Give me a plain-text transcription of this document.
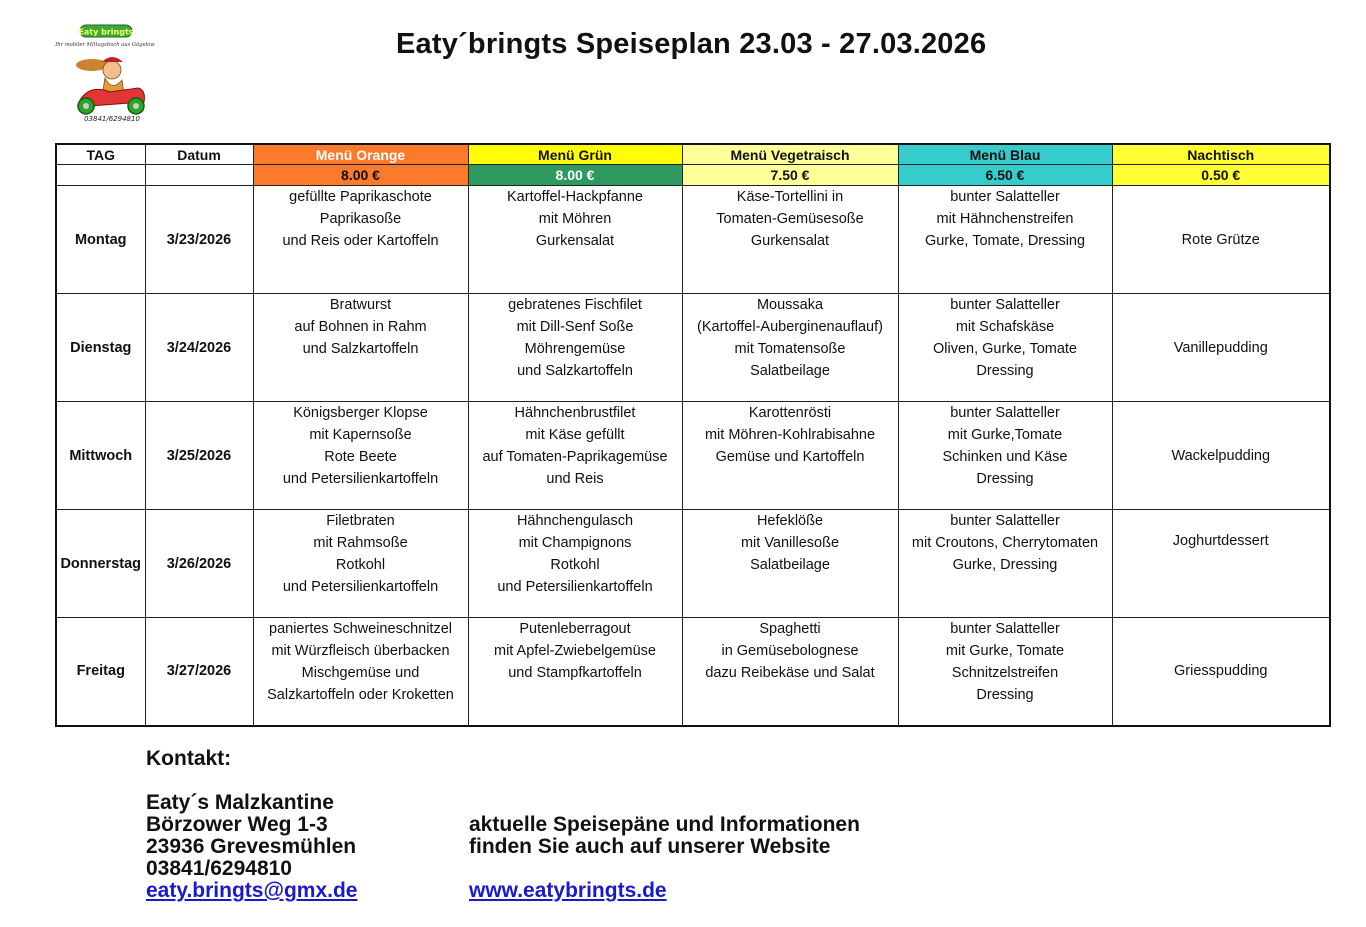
Eaty bringts
Ihr mobiler Mittagstisch aus Gägelow
03841/6294810
Eaty´bringts Speiseplan 23.03 - 27.03.2026
TAG	Datum	Menü Orange	Menü Grün	Menü Vegetraisch	Menü Blau	Nachtisch
		8.00 €	8.00 €	7.50 €	6.50 €	0.50 €
Montag	3/23/2026	gefüllte Paprikaschote
Paprikasoße
und Reis oder Kartoffeln	Kartoffel-Hackpfanne
mit Möhren
Gurkensalat	Käse-Tortellini in
Tomaten-Gemüsesoße
Gurkensalat	bunter Salatteller
mit Hähnchenstreifen
Gurke, Tomate, Dressing	Rote Grütze
Dienstag	3/24/2026	Bratwurst
auf Bohnen in Rahm
und Salzkartoffeln	gebratenes Fischfilet
mit Dill-Senf Soße
Möhrengemüse
und Salzkartoffeln	Moussaka
(Kartoffel-Auberginenauflauf)
mit Tomatensoße
Salatbeilage	bunter Salatteller
mit Schafskäse
Oliven, Gurke, Tomate
Dressing	Vanillepudding
Mittwoch	3/25/2026	Königsberger Klopse
mit Kapernsoße
Rote Beete
und Petersilienkartoffeln	Hähnchenbrustfilet
mit Käse gefüllt
auf Tomaten-Paprikagemüse
und Reis	Karottenrösti
mit Möhren-Kohlrabisahne
Gemüse und Kartoffeln	bunter Salatteller
mit Gurke,Tomate
Schinken und Käse
Dressing	Wackelpudding
Donnerstag	3/26/2026	Filetbraten
mit Rahmsoße
Rotkohl
und Petersilienkartoffeln	Hähnchengulasch
mit Champignons
Rotkohl
und Petersilienkartoffeln	Hefeklöße
mit Vanillesoße
Salatbeilage	bunter Salatteller
mit Croutons, Cherrytomaten
Gurke, Dressing	Joghurtdessert
Freitag	3/27/2026	paniertes Schweineschnitzel
mit Würzfleisch überbacken
Mischgemüse und
Salzkartoffeln oder Kroketten	Putenleberragout
mit Apfel-Zwiebelgemüse
und Stampfkartoffeln	Spaghetti
in Gemüsebolognese
dazu Reibekäse und Salat	bunter Salatteller
mit Gurke, Tomate
Schnitzelstreifen
Dressing	Griesspudding
Kontakt:
Eaty´s Malzkantine
Börzower Weg 1-3
23936 Grevesmühlen
03841/6294810
eaty.bringts@gmx.de
aktuelle Speisepäne und Informationen
finden Sie auch auf unserer Website
www.eatybringts.de
